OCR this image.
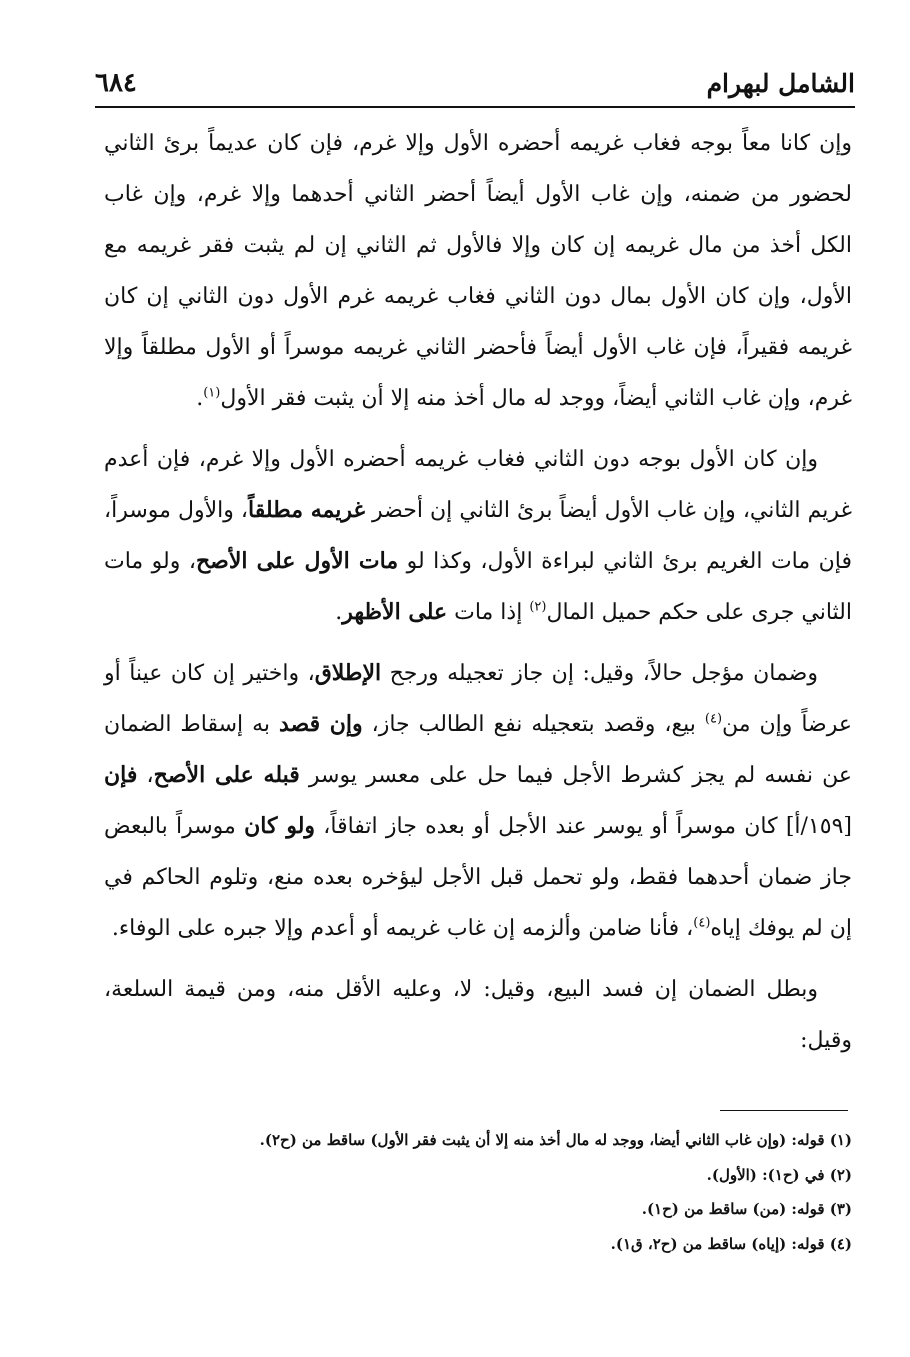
الشامل لبهرام
٦٨٤

وإن كانا معاً بوجه فغاب غريمه أحضره الأول وإلا غرم، فإن كان عديماً برئ الثاني لحضور من ضمنه، وإن غاب الأول أيضاً أحضر الثاني أحدهما وإلا غرم، وإن غاب الكل أخذ من مال غريمه إن كان وإلا فالأول ثم الثاني إن لم يثبت فقر غريمه مع الأول، وإن كان الأول بمال دون الثاني فغاب غريمه غرم الأول دون الثاني إن كان غريمه فقيراً، فإن غاب الأول أيضاً فأحضر الثاني غريمه موسراً أو الأول مطلقاً وإلا غرم، وإن غاب الثاني أيضاً، ووجد له مال أخذ منه إلا أن يثبت فقر الأول$^{(١)}$.

وإن كان الأول بوجه دون الثاني فغاب غريمه أحضره الأول وإلا غرم، فإن أعدم غريم الثاني، وإن غاب الأول أيضاً برئ الثاني إن أحضر غريمه مطلقاً، والأول موسراً، فإن مات الغريم برئ الثاني لبراءة الأول، وكذا لو مات الأول على الأصح، ولو مات الثاني جرى على حكم حميل المال$^{(٢)}$ إذا مات على الأظهر.

وضمان مؤجل حالاً، وقيل: إن جاز تعجيله ورجح الإطلاق، واختير إن كان عيناً أو عرضاً وإن من$^{(٤)}$ بيع، وقصد بتعجيله نفع الطالب جاز، وإن قصد به إسقاط الضمان عن نفسه لم يجز كشرط الأجل فيما حل على معسر يوسر قبله على الأصح، فإن [١٥٩/أ] كان موسراً أو يوسر عند الأجل أو بعده جاز اتفاقاً، ولو كان موسراً بالبعض جاز ضمان أحدهما فقط، ولو تحمل قبل الأجل ليؤخره بعده منع، وتلوم الحاكم في إن لم يوفك إياه$^{(٤)}$، فأنا ضامن وألزمه إن غاب غريمه أو أعدم وإلا جبره على الوفاء.

وبطل الضمان إن فسد البيع، وقيل: لا، وعليه الأقل منه، ومن قيمة السلعة، وقيل:

(١) قوله: (وإن غاب الثاني أيضا، ووجد له مال أخذ منه إلا أن يثبت فقر الأول) ساقط من (ح٢).

(٢) في (ح١): (الأول).

(٣) قوله: (من) ساقط من (ح١).

(٤) قوله: (إياه) ساقط من (ح٢، ق١).
